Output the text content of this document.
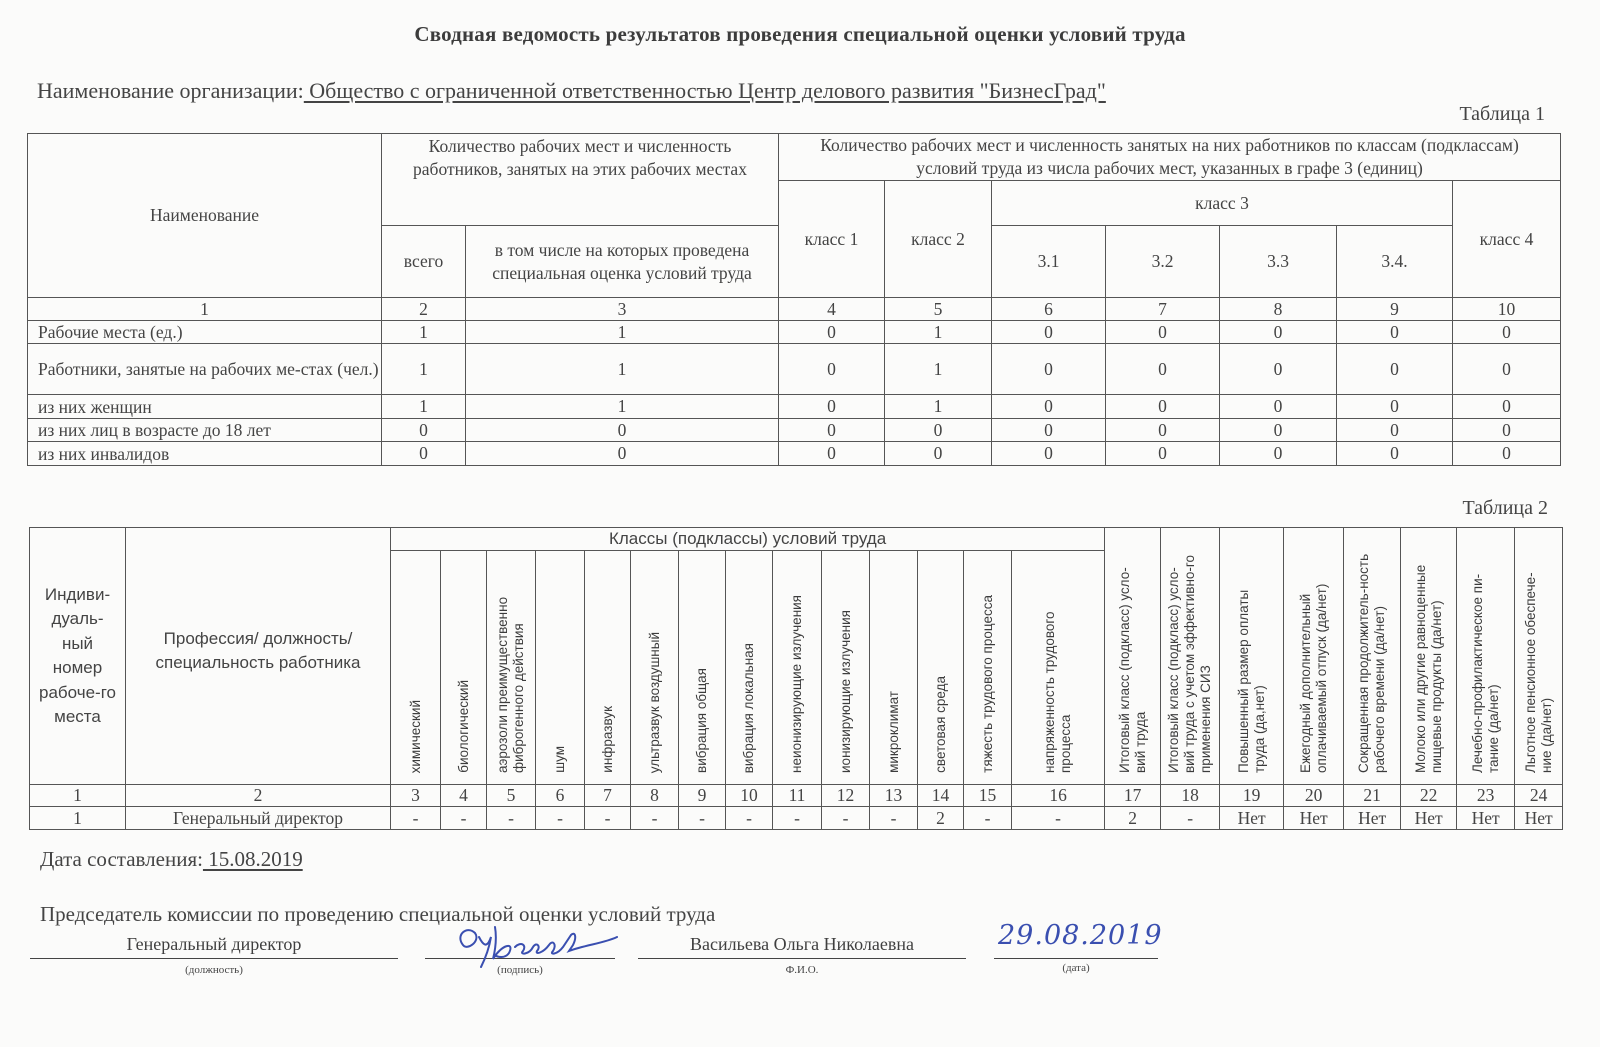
Сводная ведомость результатов проведения специальной оценки условий труда
Наименование организации: Общество с ограниченной ответственностью Центр делового развития "БизнесГрад"
Таблица 1
Наименование	Количество рабочих мест и численность работников, занятых на этих рабочих местах		Количество рабочих мест и численность занятых на них работников по классам (подклассам) условий труда из числа рабочих мест, указанных в графе 3 (единиц)						
			класс 1	класс 2	класс 3				класс 4
	всего	в том числе на которых проведена специальная оценка условий труда			3.1	3.2	3.3	3.4.	
1	2	3	4	5	6	7	8	9	10
Рабочие места (ед.)	1	1	0	1	0	0	0	0	0
Работники, занятые на рабочих ме-стах (чел.)	1	1	0	1	0	0	0	0	0
из них женщин	1	1	0	1	0	0	0	0	0
из них лиц в возрасте до 18 лет	0	0	0	0	0	0	0	0	0
из них инвалидов	0	0	0	0	0	0	0	0	0
Таблица 2
Индиви-дуаль-ный номер рабоче-го места	Профессия/ должность/ специальность работника	Классы (подклассы) условий труда														Итоговый класс (подкласс) усло-вий труда	Итоговый класс (подкласс) усло-вий труда с учетом эффективно-го применения СИЗ	Повышенный размер оплаты труда (да,нет)	Ежегодный дополнительный оплачиваемый отпуск (да/нет)	Сокращенная продолжитель-ность рабочего времени (да/нет)	Молоко или другие равноценные пищевые продукты (да/нет)	Лечебно-профилактическое пи-тание (да/нет)	Льготное пенсионное обеспече-ние (да/нет)
		химический	биологический	аэрозоли преимущественно фиброгенного действия	шум	инфразвук	ультразвук воздушный	вибрация общая	вибрация локальная	неионизирующие излучения	ионизирующие излучения	микроклимат	световая среда	тяжесть трудового процесса	напряженность трудового процесса								
1	2	3	4	5	6	7	8	9	10	11	12	13	14	15	16	17	18	19	20	21	22	23	24
1	Генеральный директор	-	-	-	-	-	-	-	-	-	-	-	2	-	-	2	-	Нет	Нет	Нет	Нет	Нет	Нет
Дата составления: 15.08.2019
Председатель комиссии по проведению специальной оценки условий труда
Генеральный директор
(должность)	(подпись)
Васильева Ольга Николаевна
Ф.И.О.
29.08.2019
(дата)
